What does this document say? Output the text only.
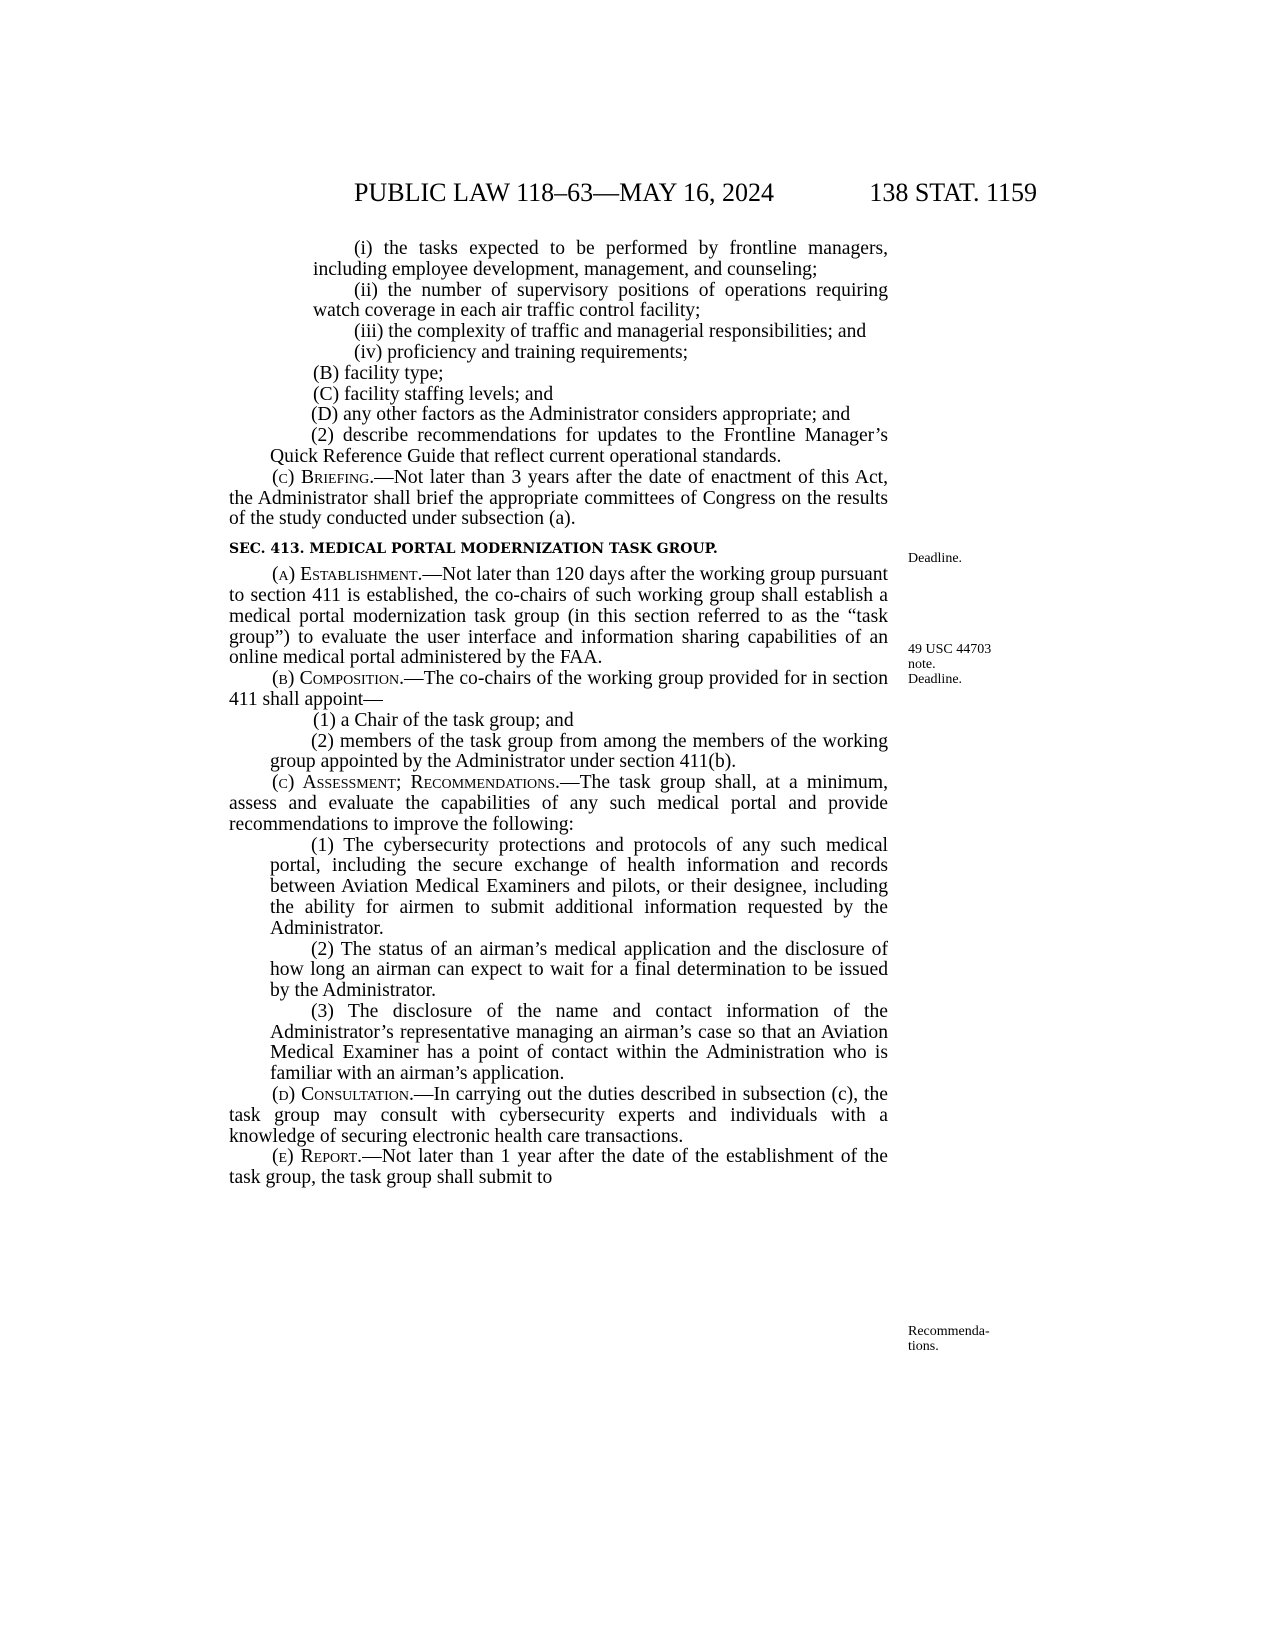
PUBLIC LAW 118–63—MAY 16, 2024	138 STAT. 1159

(i) the tasks expected to be performed by frontline managers, including employee development, management, and counseling;

(ii) the number of supervisory positions of operations requiring watch coverage in each air traffic control facility;

(iii) the complexity of traffic and managerial responsibilities; and

(iv) proficiency and training requirements;

(B) facility type;

(C) facility staffing levels; and

(D) any other factors as the Administrator considers appropriate; and

(2) describe recommendations for updates to the Frontline Manager’s Quick Reference Guide that reflect current operational standards.

(c) Briefing.—Not later than 3 years after the date of enactment of this Act, the Administrator shall brief the appropriate committees of Congress on the results of the study conducted under subsection (a).

SEC. 413. MEDICAL PORTAL MODERNIZATION TASK GROUP.

(a) Establishment.—Not later than 120 days after the working group pursuant to section 411 is established, the co-chairs of such working group shall establish a medical portal modernization task group (in this section referred to as the “task group”) to evaluate the user interface and information sharing capabilities of an online medical portal administered by the FAA.

(b) Composition.—The co-chairs of the working group provided for in section 411 shall appoint—

(1) a Chair of the task group; and

(2) members of the task group from among the members of the working group appointed by the Administrator under section 411(b).

(c) Assessment; Recommendations.—The task group shall, at a minimum, assess and evaluate the capabilities of any such medical portal and provide recommendations to improve the following:

(1) The cybersecurity protections and protocols of any such medical portal, including the secure exchange of health information and records between Aviation Medical Examiners and pilots, or their designee, including the ability for airmen to submit additional information requested by the Administrator.

(2) The status of an airman’s medical application and the disclosure of how long an airman can expect to wait for a final determination to be issued by the Administrator.

(3) The disclosure of the name and contact information of the Administrator’s representative managing an airman’s case so that an Aviation Medical Examiner has a point of contact within the Administration who is familiar with an airman’s application.

(d) Consultation.—In carrying out the duties described in subsection (c), the task group may consult with cybersecurity experts and individuals with a knowledge of securing electronic health care transactions.

(e) Report.—Not later than 1 year after the date of the establishment of the task group, the task group shall submit to

Deadline.
49 USC 44703
note.
Deadline.
Recommenda-tions.
